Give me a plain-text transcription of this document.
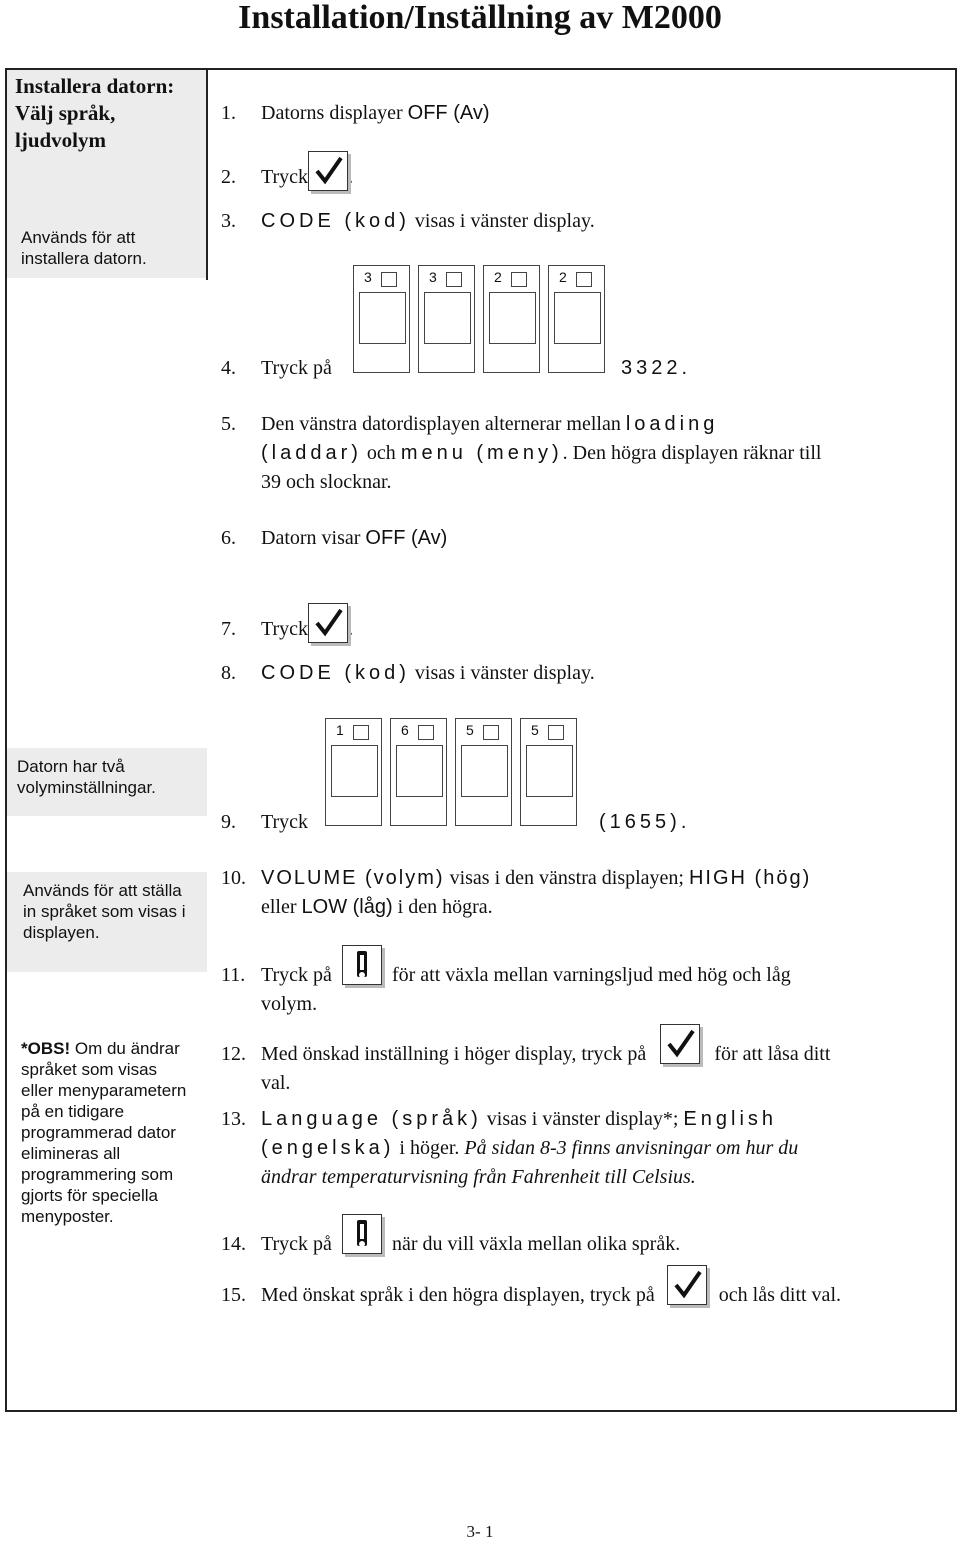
Installation/Inställning av M2000
Installera datorn: Välj språk, ljudvolym
Används för att installera datorn.
Datorn har två volyminställningar.
Används för att ställa in språket som visas i displayen.
*OBS! Om du ändrar språket som visas eller menyparametern på en tidigare programmerad dator elimineras all programmering som gjorts för speciella menyposter.
1. Datorns displayer OFF (Av)
2. Tryck .
3. CODE (kod) visas i vänster display.
3	3	2	2
4. Tryck på	3322.
5. Den vänstra datordisplayen alternerar mellan loading
(laddar) och menu (meny). Den högra displayen räknar till
39 och slocknar.
6. Datorn visar OFF (Av)
7. Tryck .
8. CODE (kod) visas i vänster display.
1	6	5	5
9. Tryck	(1655).
10. VOLUME (volym) visas i den vänstra displayen; HIGH (hög)
eller LOW (låg) i den högra.
11. Tryck på	för att växla mellan varningsljud med hög och låg
volym.
12. Med önskad inställning i höger display, tryck på	för att låsa ditt
val.
13. Language (språk) visas i vänster display*; English
(engelska) i höger. På sidan 8-3 finns anvisningar om hur du
ändrar temperaturvisning från Fahrenheit till Celsius.
14. Tryck på	när du vill växla mellan olika språk.
15. Med önskat språk i den högra displayen, tryck på	och lås ditt val.
3- 1
